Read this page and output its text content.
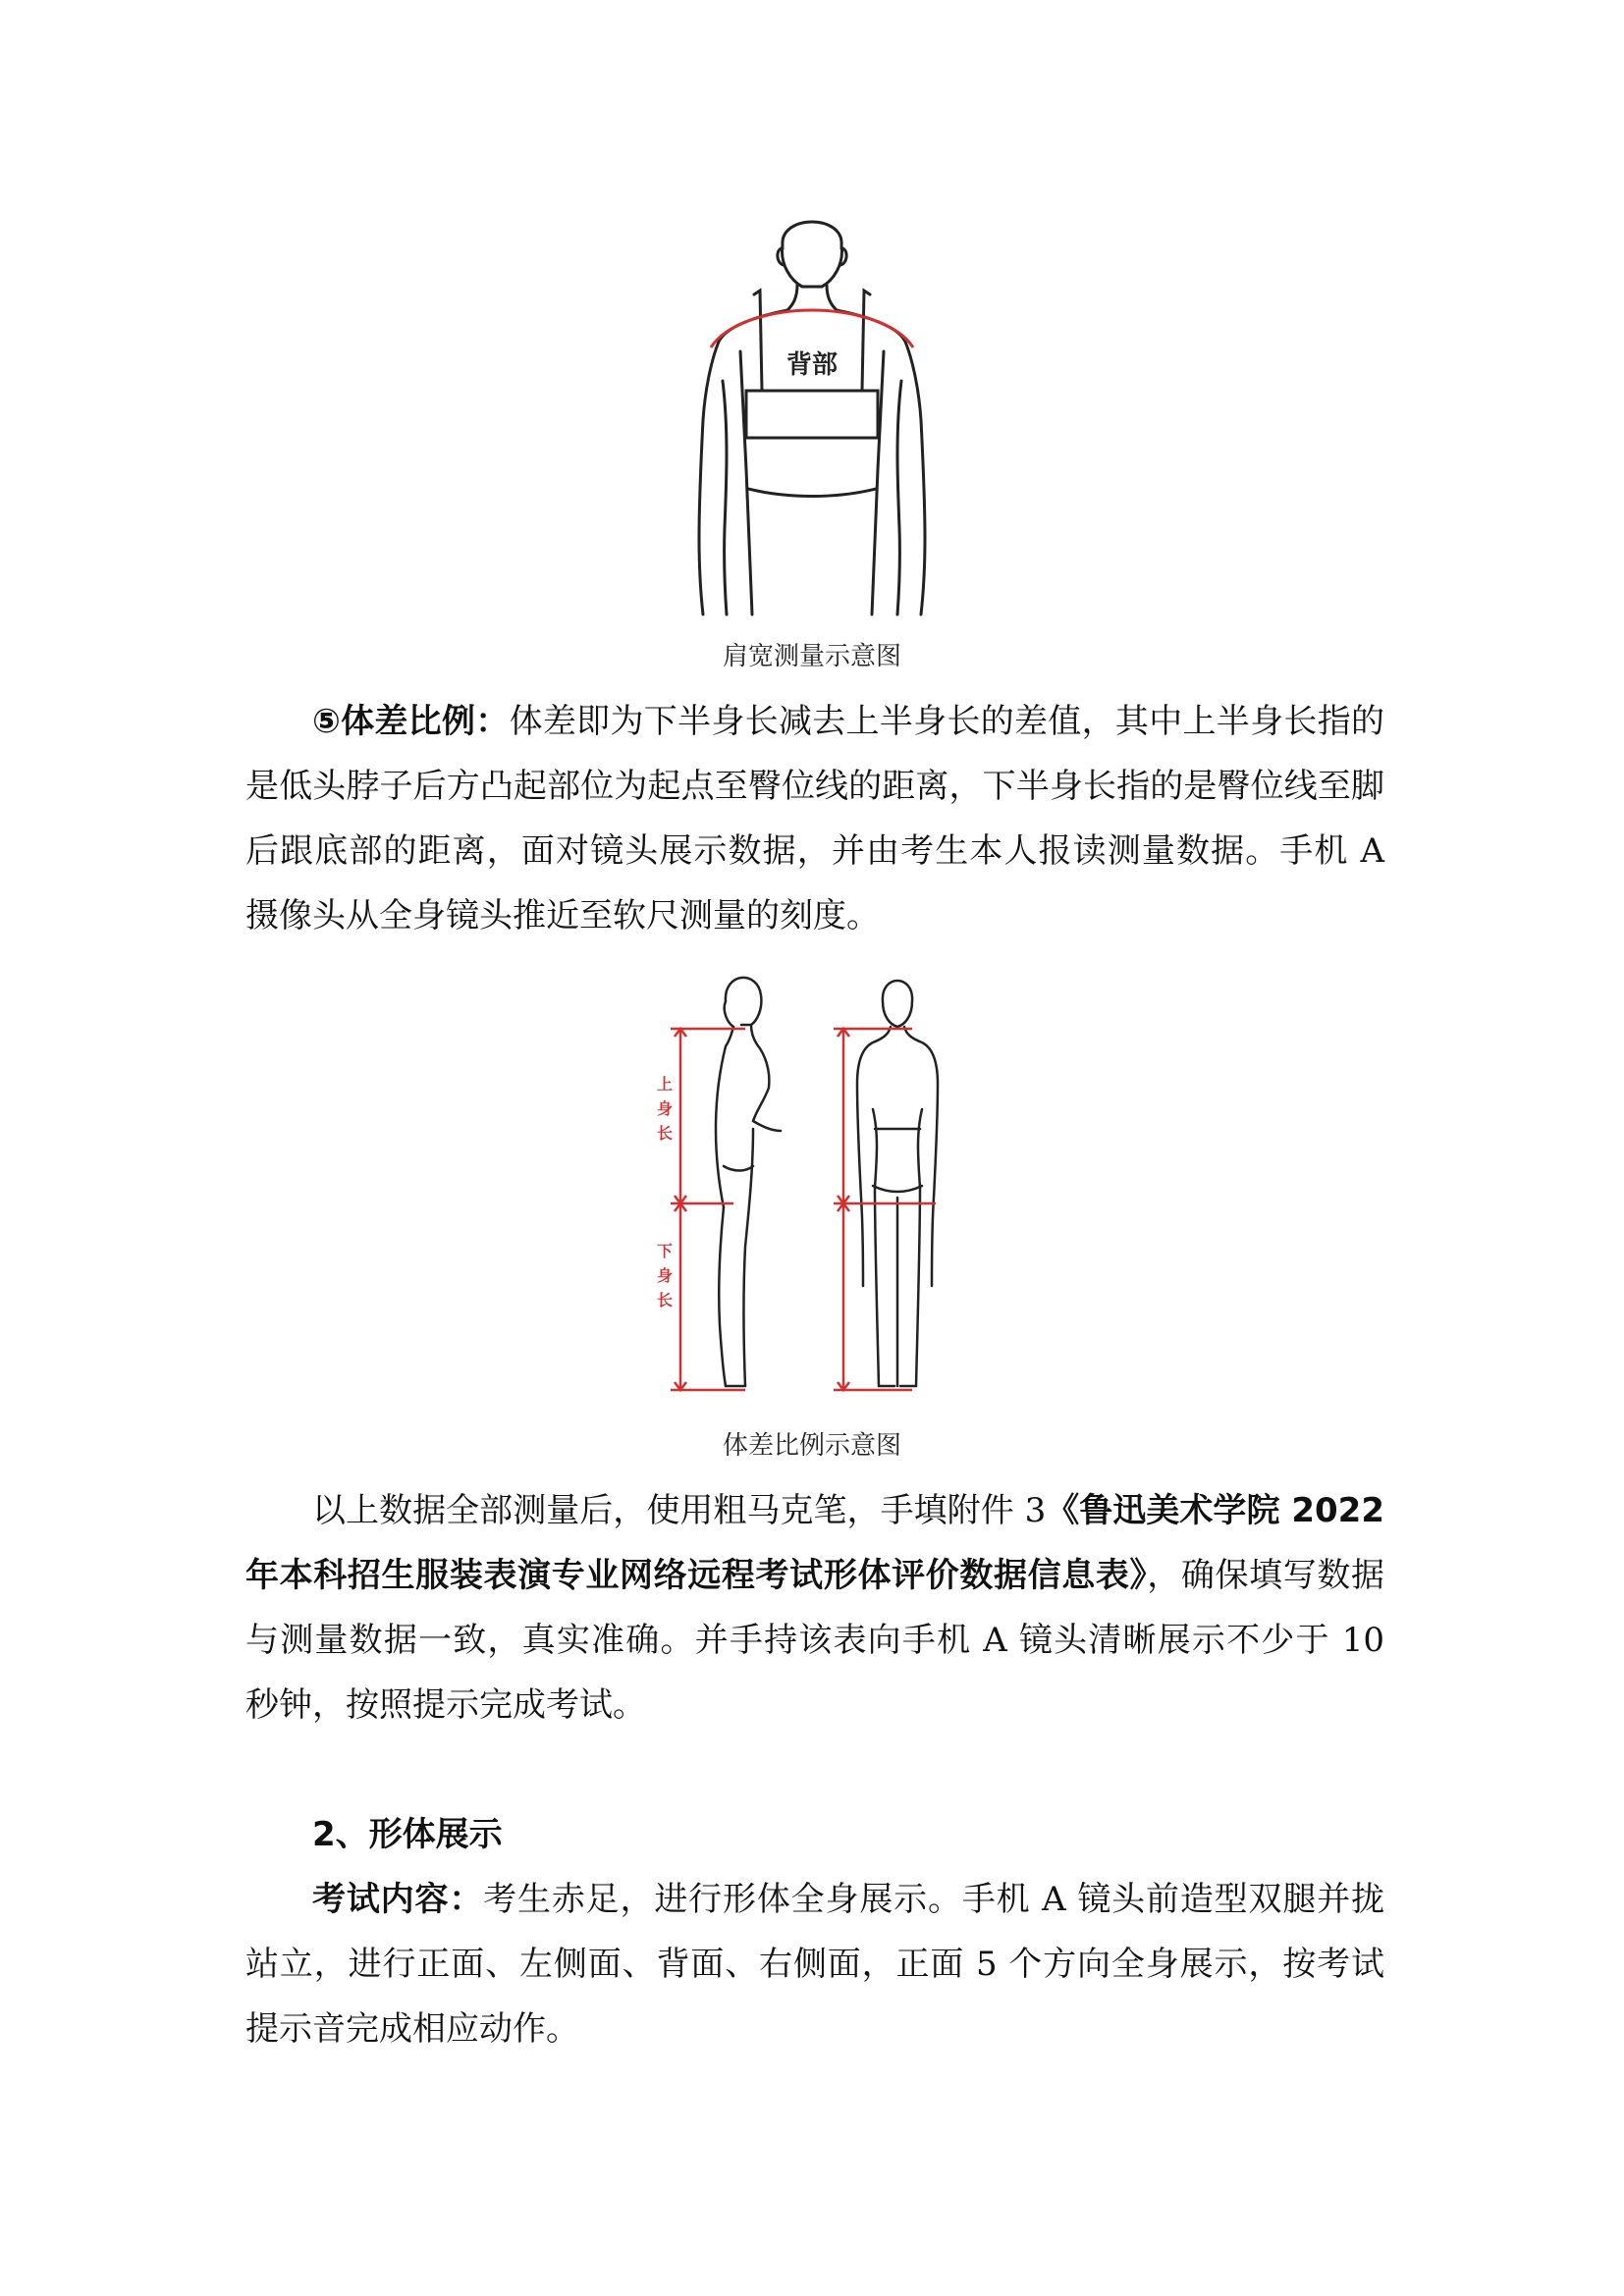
背部
肩宽测量示意图

⑤体差比例：体差即为下半身长减去上半身长的差值，其中上半身长指的是低头脖子后方凸起部位为起点至臀位线的距离，下半身长指的是臀位线至脚后跟底部的距离，面对镜头展示数据，并由考生本人报读测量数据。手机 A 摄像头从全身镜头推近至软尺测量的刻度。

上
身
长
下
身
长
体差比例示意图

以上数据全部测量后，使用粗马克笔，手填附件 3《鲁迅美术学院 2022 年本科招生服装表演专业网络远程考试形体评价数据信息表》，确保填写数据与测量数据一致，真实准确。并手持该表向手机 A 镜头清晰展示不少于 10 秒钟，按照提示完成考试。

2、形体展示

考试内容：考生赤足，进行形体全身展示。手机 A 镜头前造型双腿并拢站立，进行正面、左侧面、背面、右侧面，正面 5 个方向全身展示，按考试提示音完成相应动作。
